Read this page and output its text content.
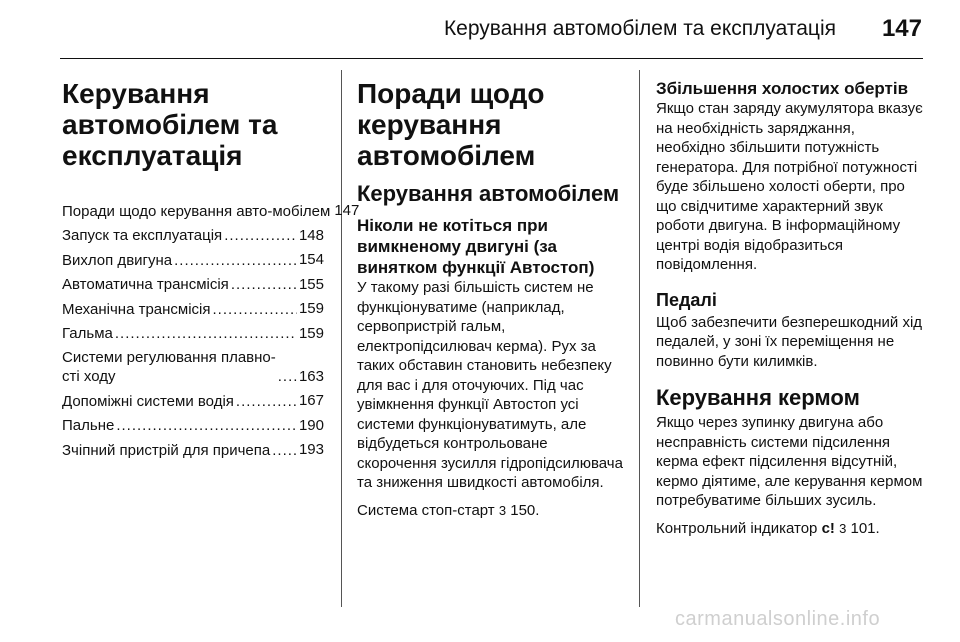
Керування автомобілем та експлуатація 147
Керування автомобілем та експлуатація
Поради щодо керування авто-мобілем ..... 147
Запуск та експлуатація .....	148
Вихлоп двигуна .....	154
Автоматична трансмісія .....	155
Механічна трансмісія .....	159
Гальма .....	159
Системи регулювання плавно-
сті ходу .....	163
Допоміжні системи водія .....	167
Пальне .....	190
Зчіпний пристрій для причепа ..... 193
Поради щодо керування автомобілем
Керування автомобілем
Ніколи не котіться при вимкненому двигуні (за винятком функції Автостоп)

У такому разі більшість систем не функціонуватиме (наприклад, сервопристрій гальм, електропідсилювач керма). Рух за таких обставин становить небезпеку для вас і для оточуючих. Під час увімкнення функції Автостоп усі системи функціонуватимуть, але відбудеться контрольоване скорочення зусилля гідропідсилювача та зниження швидкості автомобіля.

Система стоп-старт 3 150.

Збільшення холостих обертів

Якщо стан заряду акумулятора вказує на необхідність заряджання, необхідно збільшити потужність генератора. Для потрібної потужності буде збільшено холості оберти, про що свідчитиме характерний звук роботи двигуна. В інформаційному центрі водія відобразиться повідомлення.

Педалі

Щоб забезпечити безперешкодний хід педалей, у зоні їх переміщення не повинно бути килимків.

Керування кермом

Якщо через зупинку двигуна або несправність системи підсилення керма ефект підсилення відсутній, кермо діятиме, але керування кермом потребуватиме більших зусиль.

Контрольний індикатор c! 3 101.

carmanualsonline.info
